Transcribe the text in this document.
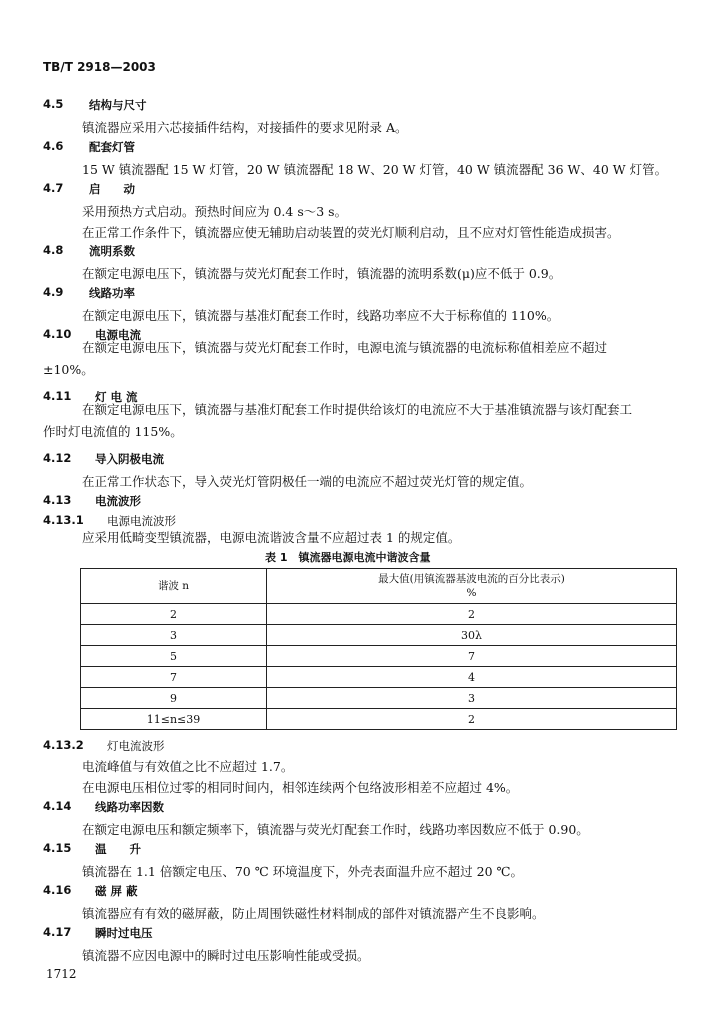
TB/T 2918—2003
4.5 结构与尺寸
镇流器应采用六芯接插件结构，对接插件的要求见附录 A。
4.6 配套灯管
15 W 镇流器配 15 W 灯管，20 W 镇流器配 18 W、20 W 灯管，40 W 镇流器配 36 W、40 W 灯管。
4.7 启　　动
采用预热方式启动。预热时间应为 0.4 s～3 s。
在正常工作条件下，镇流器应使无辅助启动装置的荧光灯顺利启动，且不应对灯管性能造成损害。
4.8 流明系数
在额定电源电压下，镇流器与荧光灯配套工作时，镇流器的流明系数(μ)应不低于 0.9。
4.9 线路功率
在额定电源电压下，镇流器与基准灯配套工作时，线路功率应不大于标称值的 110%。
4.10 电源电流
在额定电源电压下，镇流器与荧光灯配套工作时，电源电流与镇流器的电流标称值相差应不超过 ±10%。
4.11 灯 电 流
在额定电源电压下，镇流器与基准灯配套工作时提供给该灯的电流应不大于基准镇流器与该灯配套工作时灯电流值的 115%。
4.12 导入阴极电流
在正常工作状态下，导入荧光灯管阴极任一端的电流应不超过荧光灯管的规定值。
4.13 电流波形
4.13.1 电源电流波形
应采用低畸变型镇流器，电源电流谐波含量不应超过表 1 的规定值。
表 1　镇流器电源电流中谐波含量
谐波 n	最大值(用镇流器基波电流的百分比表示)
%

2	2
3	30λ
5	7
7	4
9	3
11≤n≤39	2
4.13.2 灯电流波形
电流峰值与有效值之比不应超过 1.7。
在电源电压相位过零的相同时间内，相邻连续两个包络波形相差不应超过 4%。
4.14 线路功率因数
在额定电源电压和额定频率下，镇流器与荧光灯配套工作时，线路功率因数应不低于 0.90。
4.15 温　　升
镇流器在 1.1 倍额定电压、70 ℃ 环境温度下，外壳表面温升应不超过 20 ℃。
4.16 磁 屏 蔽
镇流器应有有效的磁屏蔽，防止周围铁磁性材料制成的部件对镇流器产生不良影响。
4.17 瞬时过电压
镇流器不应因电源中的瞬时过电压影响性能或受损。
1712
